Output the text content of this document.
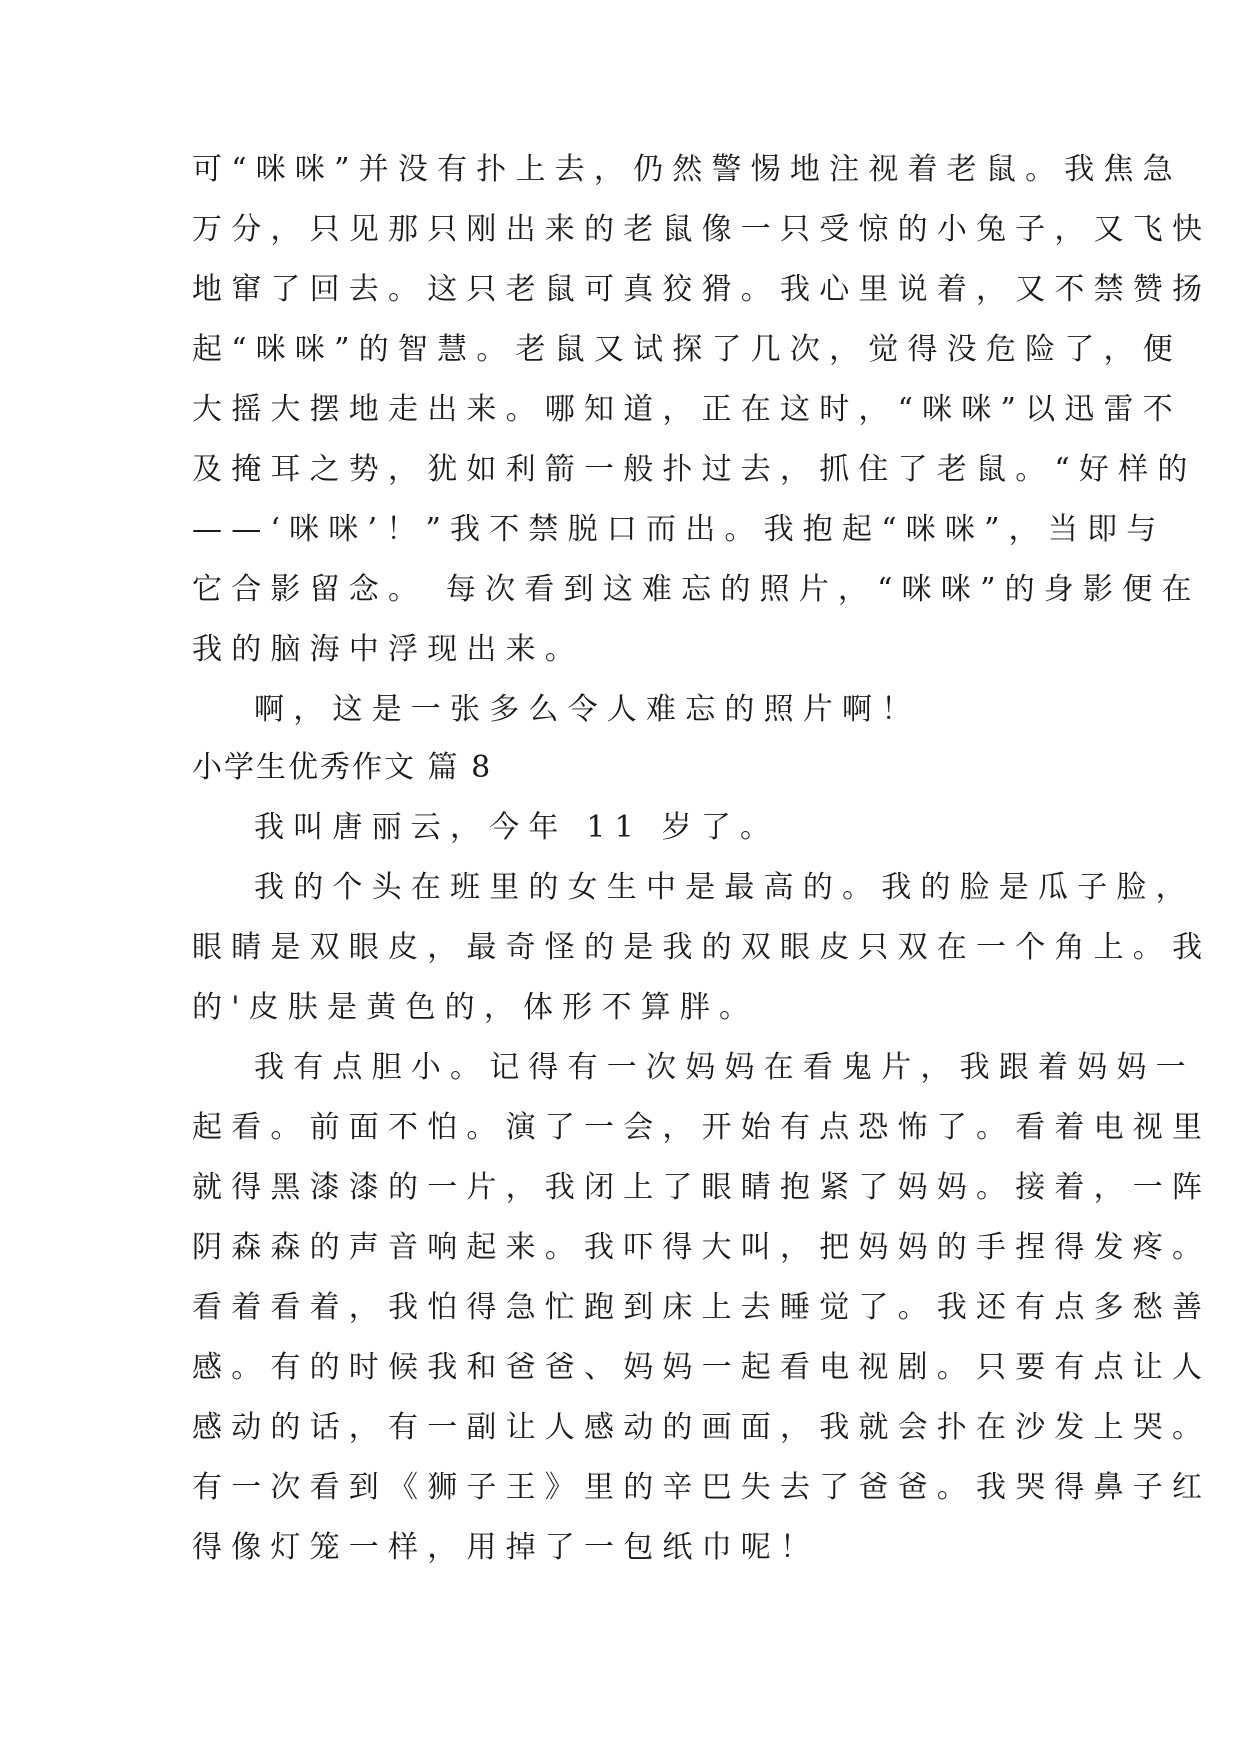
可“咪咪”并没有扑上去，仍然警惕地注视着老鼠。我焦急
万分，只见那只刚出来的老鼠像一只受惊的小兔子，又飞快
地窜了回去。这只老鼠可真狡猾。我心里说着，又不禁赞扬
起“咪咪”的智慧。老鼠又试探了几次，觉得没危险了，便
大摇大摆地走出来。哪知道，正在这时，“咪咪”以迅雷不
及掩耳之势，犹如利箭一般扑过去，抓住了老鼠。“好样的
——‘咪咪’！”我不禁脱口而出。我抱起“咪咪”，当即与
它合影留念。 每次看到这难忘的照片，“咪咪”的身影便在
我的脑海中浮现出来。
啊，这是一张多么令人难忘的照片啊！
小学生优秀作文 篇 8
我叫唐丽云，今年 11 岁了。
我的个头在班里的女生中是最高的。我的脸是瓜子脸，
眼睛是双眼皮，最奇怪的是我的双眼皮只双在一个角上。我
的'皮肤是黄色的，体形不算胖。
我有点胆小。记得有一次妈妈在看鬼片，我跟着妈妈一
起看。前面不怕。演了一会，开始有点恐怖了。看着电视里
就得黑漆漆的一片，我闭上了眼睛抱紧了妈妈。接着，一阵
阴森森的声音响起来。我吓得大叫，把妈妈的手捏得发疼。
看着看着，我怕得急忙跑到床上去睡觉了。我还有点多愁善
感。有的时候我和爸爸、妈妈一起看电视剧。只要有点让人
感动的话，有一副让人感动的画面，我就会扑在沙发上哭。
有一次看到《狮子王》里的辛巴失去了爸爸。我哭得鼻子红
得像灯笼一样，用掉了一包纸巾呢！
